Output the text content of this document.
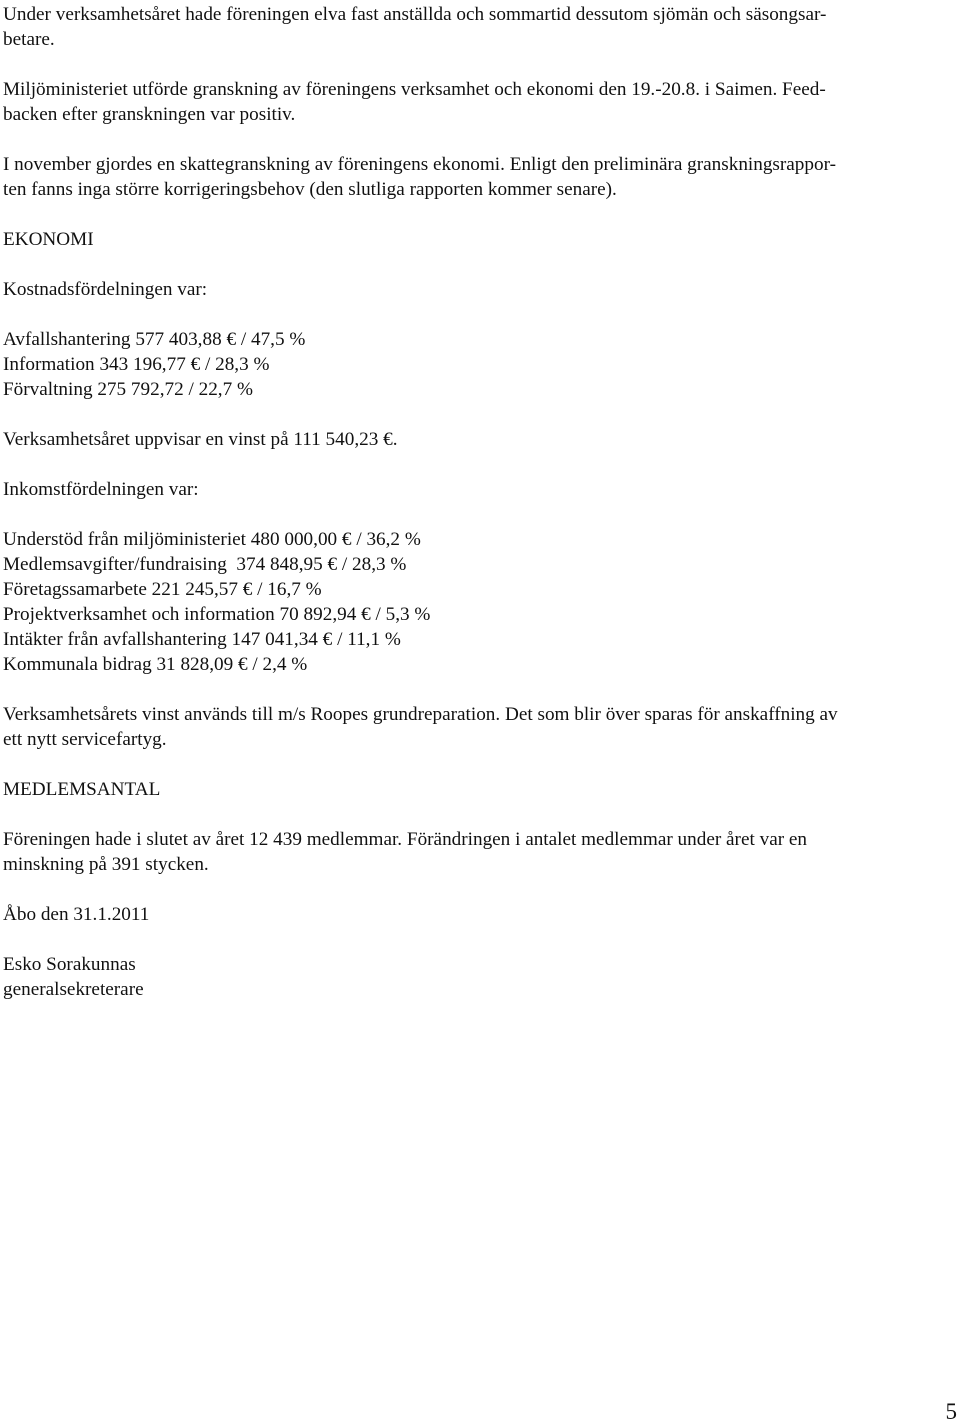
Under verksamhetsåret hade föreningen elva fast anställda och sommartid dessutom sjömän och säsongsar-
betare.

Miljöministeriet utförde granskning av föreningens verksamhet och ekonomi den 19.-20.8. i Saimen. Feed-
backen efter granskningen var positiv.

I november gjordes en skattegranskning av föreningens ekonomi. Enligt den preliminära granskningsrappor-
ten fanns inga större korrigeringsbehov (den slutliga rapporten kommer senare).

EKONOMI

Kostnadsfördelningen var:

Avfallshantering 577 403,88 € / 47,5 %

Information 343 196,77 € / 28,3 %

Förvaltning 275 792,72 / 22,7 %

Verksamhetsåret uppvisar en vinst på 111 540,23 €.

Inkomstfördelningen var:

Understöd från miljöministeriet 480 000,00 € / 36,2 %

Medlemsavgifter/fundraising  374 848,95 € / 28,3 %

Företagssamarbete 221 245,57 € / 16,7 %

Projektverksamhet och information 70 892,94 € / 5,3 %

Intäkter från avfallshantering 147 041,34 € / 11,1 %

Kommunala bidrag 31 828,09 € / 2,4 %

Verksamhetsårets vinst används till m/s Roopes grundreparation. Det som blir över sparas för anskaffning av
ett nytt servicefartyg.

MEDLEMSANTAL

Föreningen hade i slutet av året 12 439 medlemmar. Förändringen i antalet medlemmar under året var en
minskning på 391 stycken.

Åbo den 31.1.2011

Esko Sorakunnas

generalsekreterare

5
